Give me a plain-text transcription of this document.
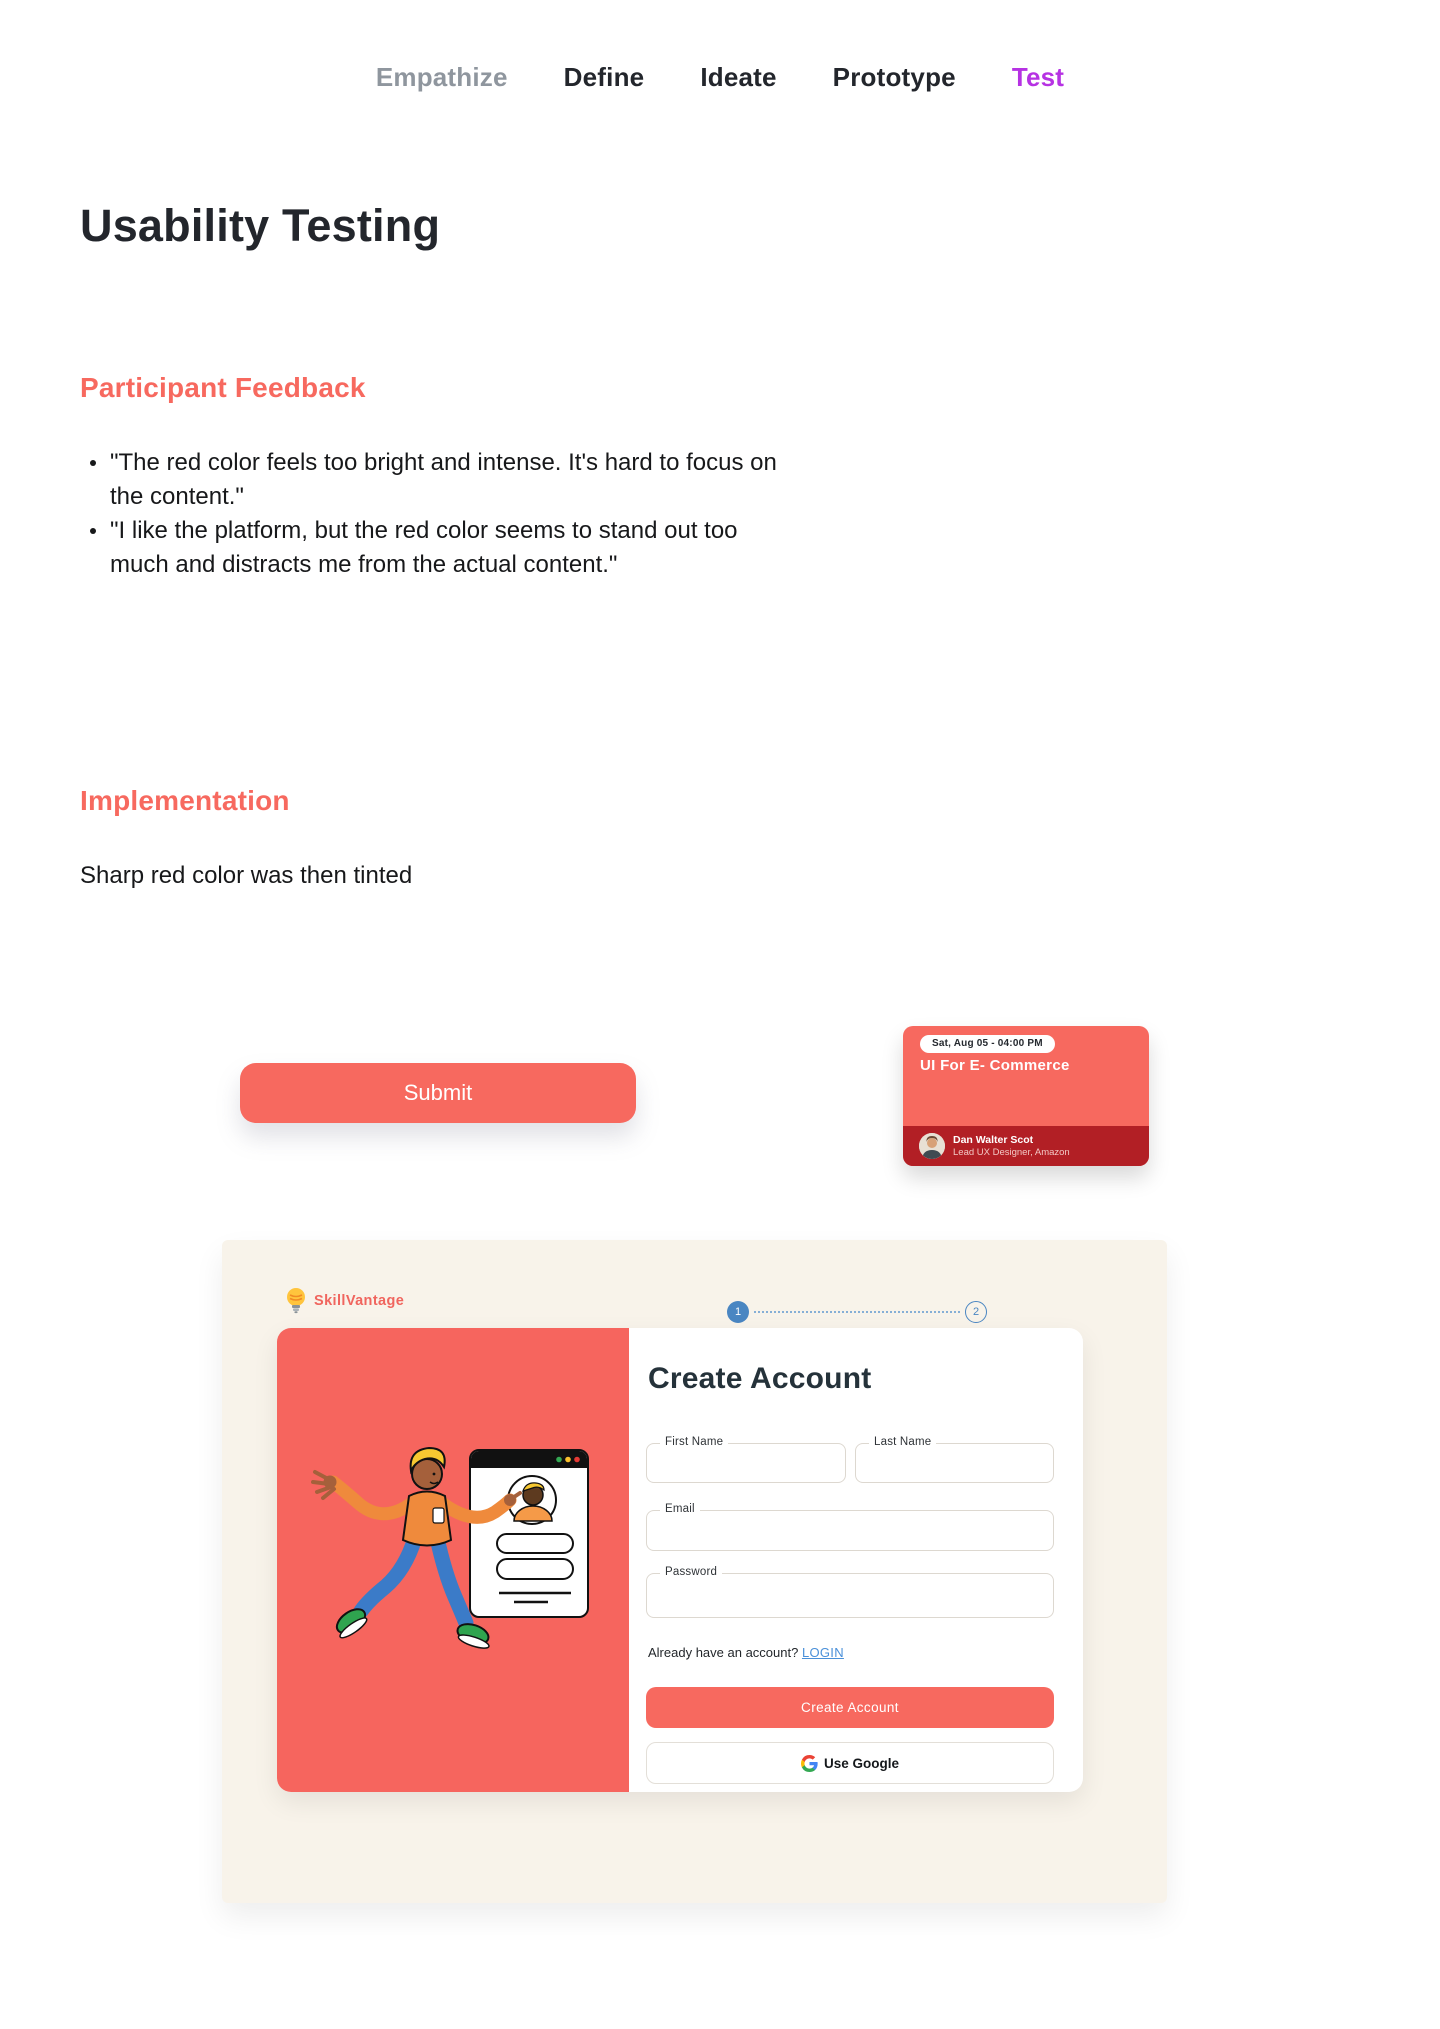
Empathize Define Ideate Prototype Test
Usability Testing
Participant Feedback
"The red color feels too bright and intense. It's hard to focus on the content."
"I like the platform, but the red color seems to stand out too much and distracts me from the actual content."
Implementation

Sharp red color was then tinted

Submit
Sat, Aug 05 - 04:00 PM
UI For E- Commerce
Dan Walter Scot
Lead UX Designer, Amazon
SkillVantage
1	2
Create Account
First Name	Last Name
Email
Password
Already have an account? LOGIN
Create Account
Use Google
